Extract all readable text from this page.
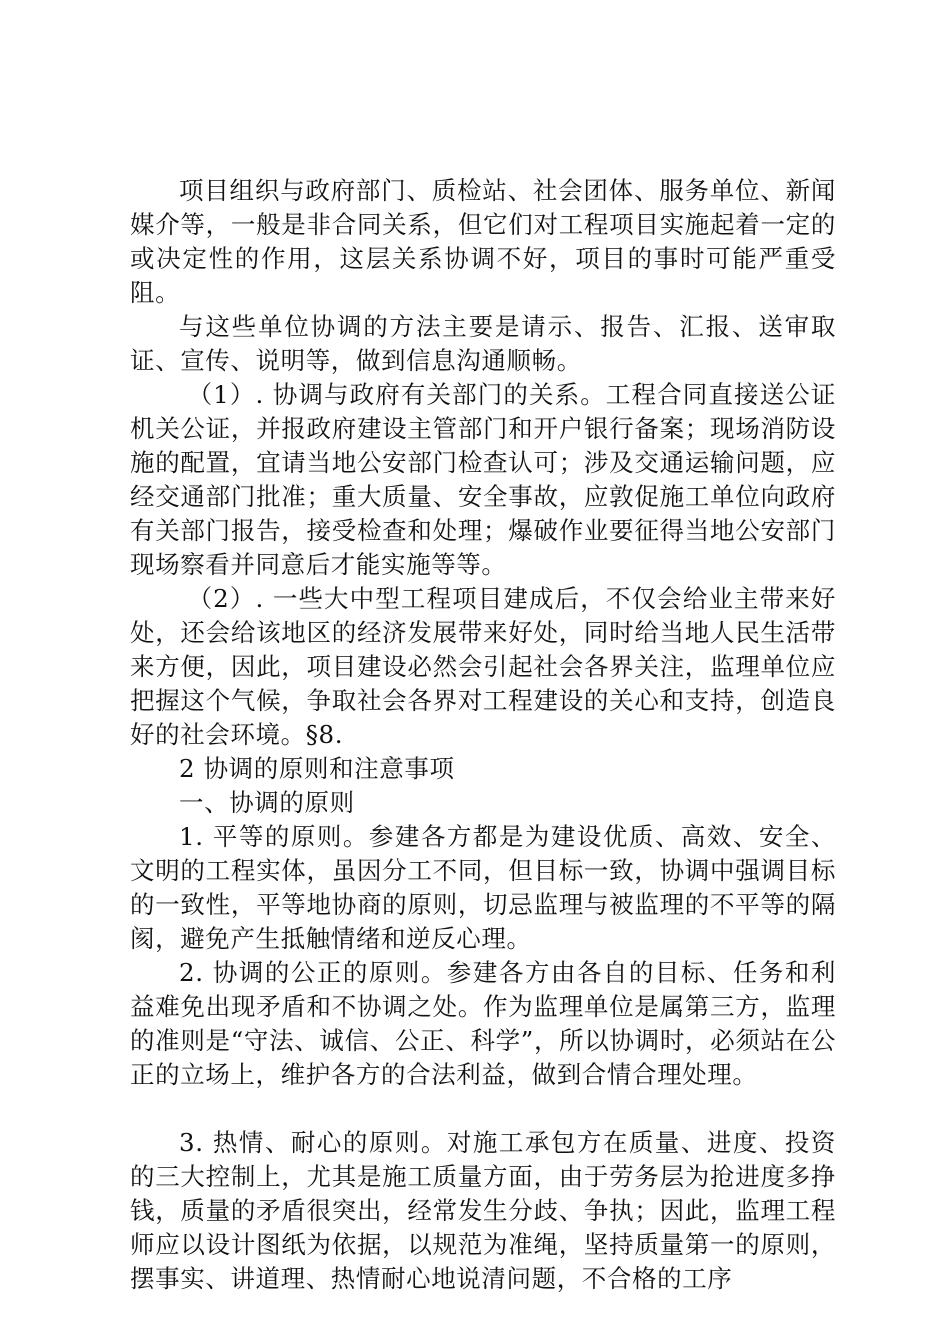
项目组织与政府部门、质检站、社会团体、服务单位、新闻媒介等，一般是非合同关系，但它们对工程项目实施起着一定的或决定性的作用，这层关系协调不好，项目的事时可能严重受阻。

与这些单位协调的方法主要是请示、报告、汇报、送审取证、宣传、说明等，做到信息沟通顺畅。

（1）. 协调与政府有关部门的关系。工程合同直接送公证机关公证，并报政府建设主管部门和开户银行备案；现场消防设施的配置，宜请当地公安部门检查认可；涉及交通运输问题，应经交通部门批准；重大质量、安全事故，应敦促施工单位向政府有关部门报告，接受检查和处理；爆破作业要征得当地公安部门现场察看并同意后才能实施等等。

（2）. 一些大中型工程项目建成后，不仅会给业主带来好处，还会给该地区的经济发展带来好处，同时给当地人民生活带来方便，因此，项目建设必然会引起社会各界关注，监理单位应把握这个气候，争取社会各界对工程建设的关心和支持，创造良好的社会环境。§8.

2 协调的原则和注意事项

一、协调的原则

1. 平等的原则。参建各方都是为建设优质、高效、安全、文明的工程实体，虽因分工不同，但目标一致，协调中强调目标的一致性，平等地协商的原则，切忌监理与被监理的不平等的隔阂，避免产生抵触情绪和逆反心理。

2. 协调的公正的原则。参建各方由各自的目标、任务和利益难免出现矛盾和不协调之处。作为监理单位是属第三方，监理的准则是“守法、诚信、公正、科学”，所以协调时，必须站在公正的立场上，维护各方的合法利益，做到合情合理处理。

3. 热情、耐心的原则。对施工承包方在质量、进度、投资的三大控制上，尤其是施工质量方面，由于劳务层为抢进度多挣钱，质量的矛盾很突出，经常发生分歧、争执；因此，监理工程师应以设计图纸为依据，以规范为准绳，坚持质量第一的原则，摆事实、讲道理、热情耐心地说清问题，不合格的工序
